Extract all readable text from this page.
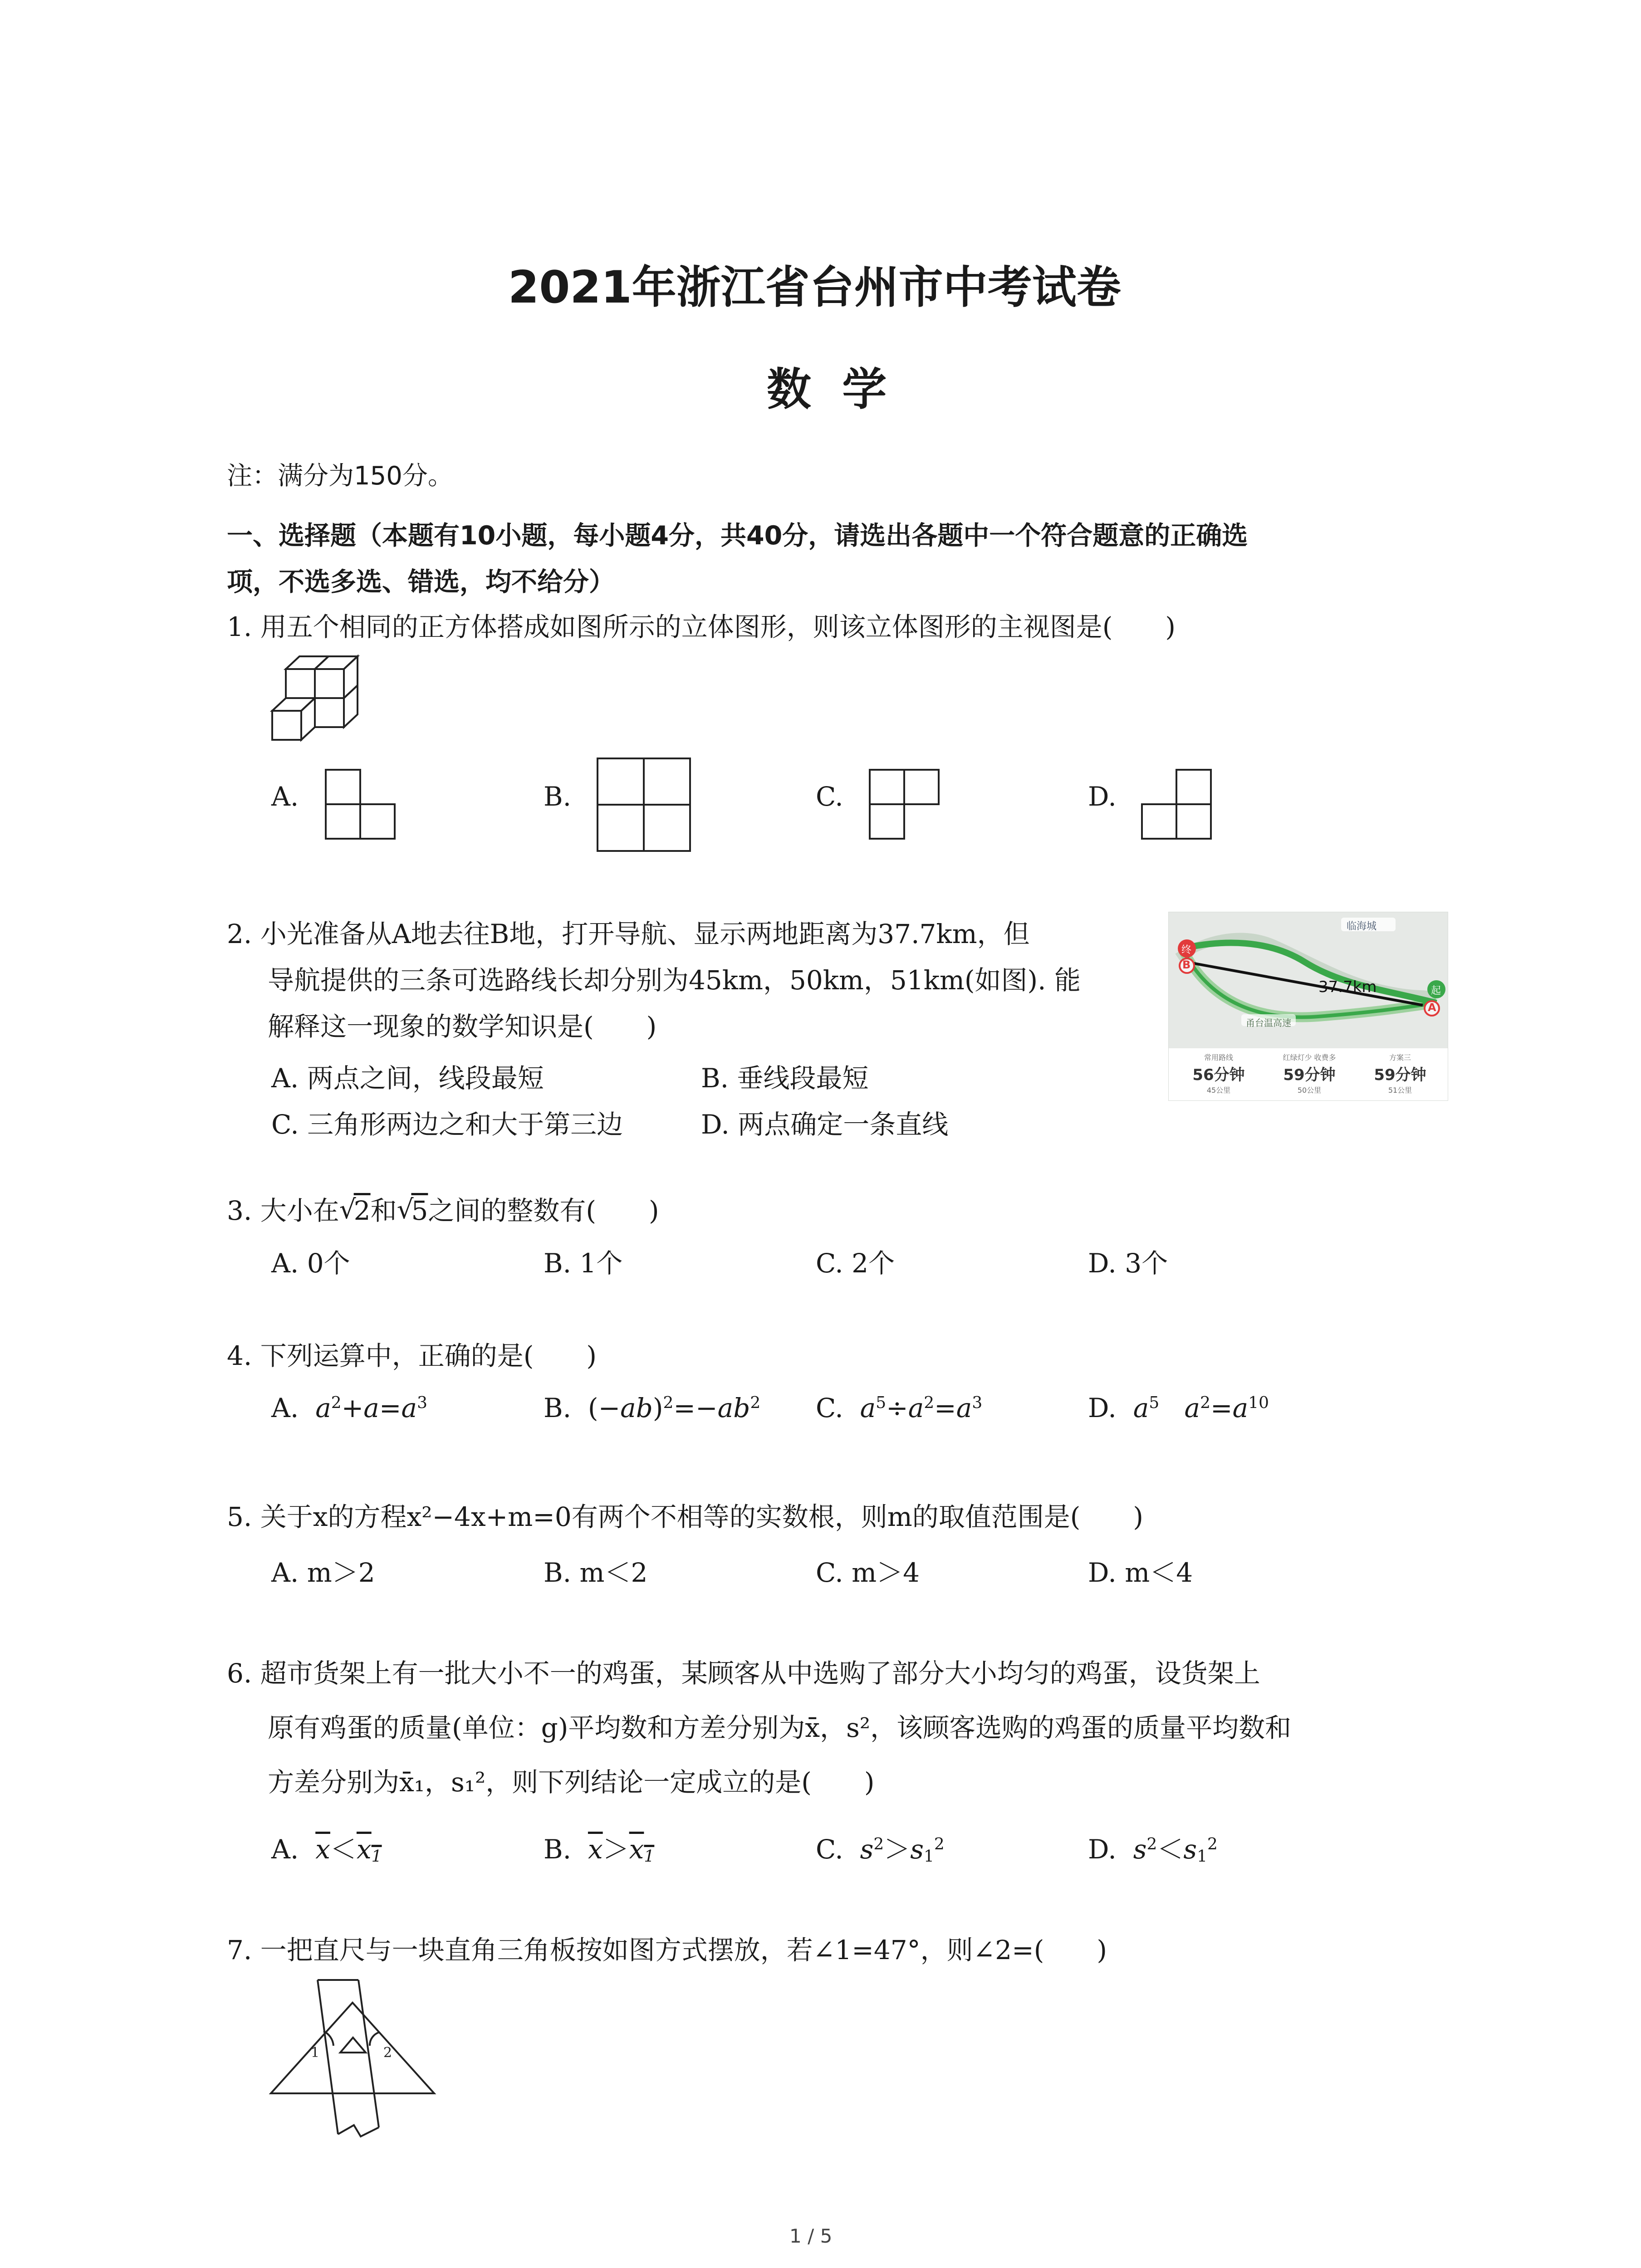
2021年浙江省台州市中考试卷
数  学
注：满分为150分。
一、选择题（本题有10小题，每小题4分，共40分，请选出各题中一个符合题意的正确选
项，不选多选、错选，均不给分）
1. 用五个相同的正方体搭成如图所示的立体图形，则该立体图形的主视图是(　　)
A.	B.	C.	D.
2. 小光准备从A地去往B地，打开导航、显示两地距离为37.7km，但
导航提供的三条可选路线长却分别为45km，50km，51km(如图). 能
解释这一现象的数学知识是(　　)
A. 两点之间，线段最短	B. 垂线段最短
C. 三角形两边之和大于第三边	D. 两点确定一条直线
终
B
起
A
37.7km
临海城
甬台温高速
常用路线
56分钟
45公里
红绿灯少 收费多
59分钟
50公里
方案三
59分钟
51公里
3. 大小在 √
2和 √
5之间的整数有(　　)
A. 0个	B. 1个	C. 2个	D. 3个
4. 下列运算中，正确的是(　　)
A. $a^2+a=a^3$	B.  $(-ab)^2=-ab^2$ C. $a^5\div a^2=a^3$	D. $a^5$ $a^2=a^{10}$
5. 关于x的方程x²−4x+m=0有两个不相等的实数根，则m的取值范围是(　　)
A. m＞2	B. m＜2	C. m＞4	D. m＜4
6. 超市货架上有一批大小不一的鸡蛋，某顾客从中选购了部分大小均匀的鸡蛋，设货架上
原有鸡蛋的质量(单位：g)平均数和方差分别为x̄，s²，该顾客选购的鸡蛋的质量平均数和
方差分别为x̄₁，s₁²，则下列结论一定成立的是(　　)
A. $\overline{x}<x_1$	B. $\overline{x}>x_1$	C. $s^2>s_1^2$	D. $s^2<s_1^2$
7. 一把直尺与一块直角三角板按如图方式摆放，若∠1=47°，则∠2=(　　)
1	2
1 / 5
